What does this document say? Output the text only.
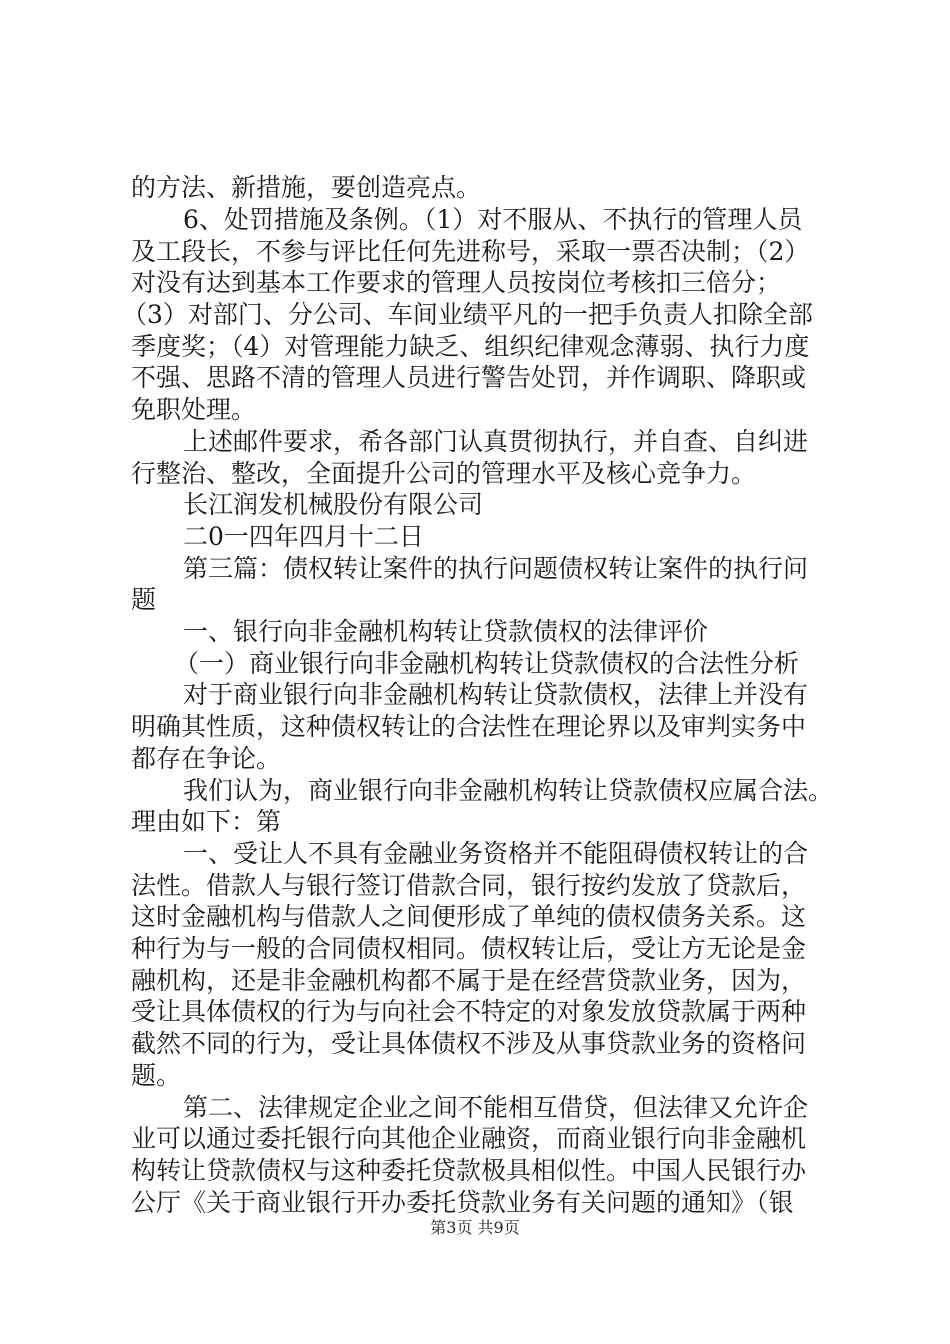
的方法、新措施，要创造亮点。
6、处罚措施及条例。（1）对不服从、不执行的管理人员
及工段长，不参与评比任何先进称号，采取一票否决制；（2）
对没有达到基本工作要求的管理人员按岗位考核扣三倍分；
（3）对部门、分公司、车间业绩平凡的一把手负责人扣除全部
季度奖；（4）对管理能力缺乏、组织纪律观念薄弱、执行力度
不强、思路不清的管理人员进行警告处罚，并作调职、降职或
免职处理。
上述邮件要求，希各部门认真贯彻执行，并自查、自纠进
行整治、整改，全面提升公司的管理水平及核心竞争力。
长江润发机械股份有限公司
二0一四年四月十二日
第三篇：债权转让案件的执行问题债权转让案件的执行问
题
一、银行向非金融机构转让贷款债权的法律评价
（一）商业银行向非金融机构转让贷款债权的合法性分析
对于商业银行向非金融机构转让贷款债权，法律上并没有
明确其性质，这种债权转让的合法性在理论界以及审判实务中
都存在争论。
我们认为，商业银行向非金融机构转让贷款债权应属合法。
理由如下：第
一、受让人不具有金融业务资格并不能阻碍债权转让的合
法性。借款人与银行签订借款合同，银行按约发放了贷款后，
这时金融机构与借款人之间便形成了单纯的债权债务关系。这
种行为与一般的合同债权相同。债权转让后，受让方无论是金
融机构，还是非金融机构都不属于是在经营贷款业务，因为，
受让具体债权的行为与向社会不特定的对象发放贷款属于两种
截然不同的行为，受让具体债权不涉及从事贷款业务的资格问
题。
第二、法律规定企业之间不能相互借贷，但法律又允许企
业可以通过委托银行向其他企业融资，而商业银行向非金融机
构转让贷款债权与这种委托贷款极具相似性。中国人民银行办
公厅《关于商业银行开办委托贷款业务有关问题的通知》（银
第3页 共9页
